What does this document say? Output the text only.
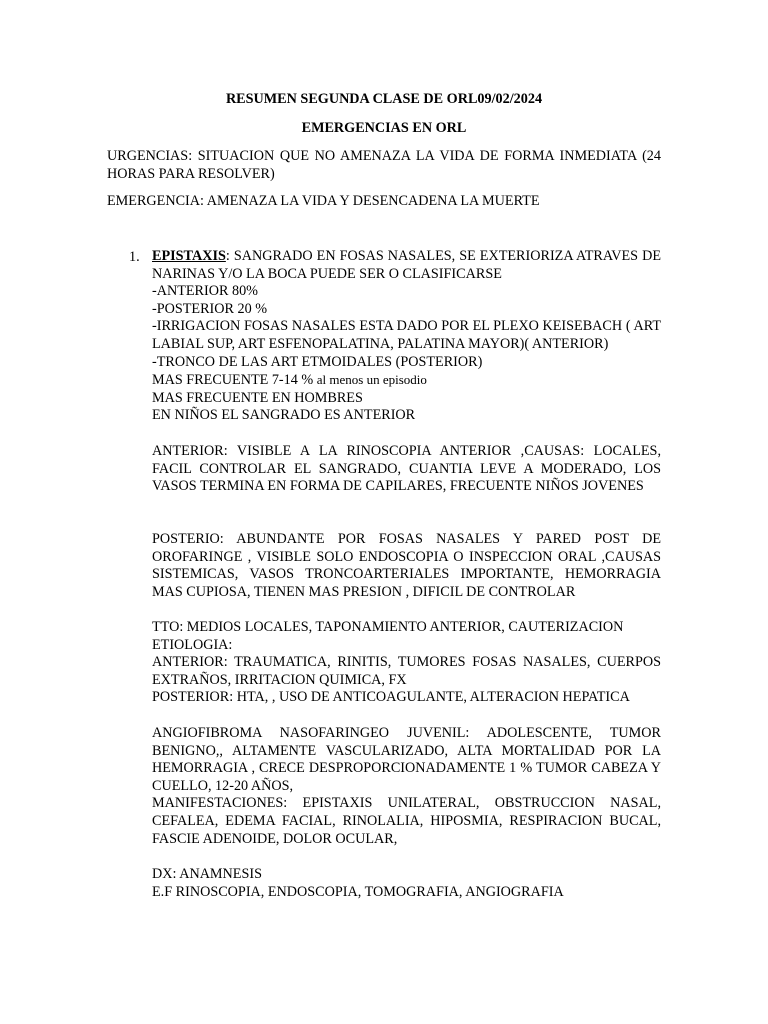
RESUMEN SEGUNDA CLASE DE ORL09/02/2024

EMERGENCIAS EN ORL

URGENCIAS: SITUACION QUE NO AMENAZA LA VIDA DE FORMA INMEDIATA (24 HORAS PARA RESOLVER)

EMERGENCIA: AMENAZA LA VIDA Y DESENCADENA LA MUERTE

1. EPISTAXIS: SANGRADO EN FOSAS NASALES, SE EXTERIORIZA ATRAVES DE NARINAS Y/O LA BOCA PUEDE SER O CLASIFICARSE
-ANTERIOR 80%
-POSTERIOR 20 %
-IRRIGACION FOSAS NASALES ESTA DADO POR EL PLEXO KEISEBACH ( ART LABIAL SUP, ART ESFENOPALATINA, PALATINA MAYOR)( ANTERIOR)
-TRONCO DE LAS ART ETMOIDALES (POSTERIOR)
MAS FRECUENTE 7-14 % al menos un episodio
MAS FRECUENTE EN HOMBRES
EN NIÑOS EL SANGRADO ES ANTERIOR

ANTERIOR: VISIBLE A LA RINOSCOPIA ANTERIOR ,CAUSAS: LOCALES, FACIL CONTROLAR EL SANGRADO, CUANTIA LEVE A MODERADO, LOS VASOS TERMINA EN FORMA DE CAPILARES, FRECUENTE NIÑOS JOVENES

POSTERIO: ABUNDANTE POR FOSAS NASALES Y PARED POST DE OROFARINGE , VISIBLE SOLO ENDOSCOPIA O INSPECCION ORAL ,CAUSAS SISTEMICAS, VASOS TRONCOARTERIALES IMPORTANTE, HEMORRAGIA MAS CUPIOSA, TIENEN MAS PRESION , DIFICIL DE CONTROLAR

TTO: MEDIOS LOCALES, TAPONAMIENTO ANTERIOR, CAUTERIZACION
ETIOLOGIA:
ANTERIOR: TRAUMATICA, RINITIS, TUMORES FOSAS NASALES, CUERPOS EXTRAÑOS, IRRITACION QUIMICA, FX
POSTERIOR: HTA, , USO DE ANTICOAGULANTE, ALTERACION HEPATICA
ANGIOFIBROMA NASOFARINGEO JUVENIL: ADOLESCENTE, TUMOR BENIGNO,, ALTAMENTE VASCULARIZADO, ALTA MORTALIDAD POR LA HEMORRAGIA , CRECE DESPROPORCIONADAMENTE 1 % TUMOR CABEZA Y CUELLO, 12-20 AÑOS,
MANIFESTACIONES: EPISTAXIS UNILATERAL, OBSTRUCCION NASAL, CEFALEA, EDEMA FACIAL, RINOLALIA, HIPOSMIA, RESPIRACION BUCAL, FASCIE ADENOIDE, DOLOR OCULAR,
DX: ANAMNESIS
E.F RINOSCOPIA, ENDOSCOPIA, TOMOGRAFIA, ANGIOGRAFIA
